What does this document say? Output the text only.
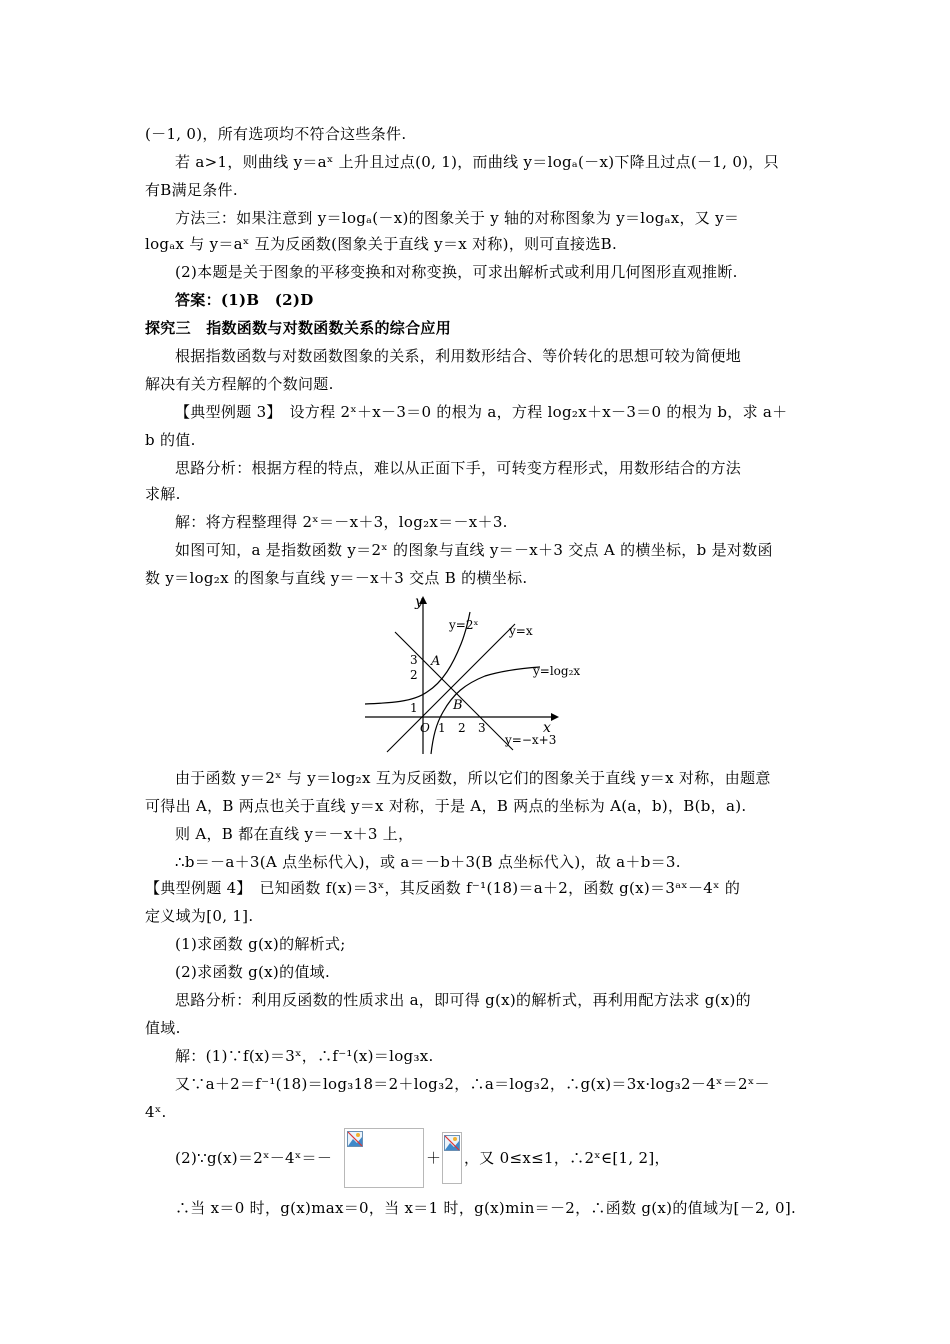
(－1, 0)，所有选项均不符合这些条件.
若 a>1，则曲线 y＝aˣ 上升且过点(0, 1)，而曲线 y＝logₐ(－x)下降且过点(－1, 0)，只
有B满足条件.
方法三：如果注意到 y＝logₐ(－x)的图象关于 y 轴的对称图象为 y＝logₐx，又 y＝
logₐx 与 y＝aˣ 互为反函数(图象关于直线 y＝x 对称)，则可直接选B.
(2)本题是关于图象的平移变换和对称变换，可求出解析式或利用几何图形直观推断.
答案：(1)B　(2)D
探究三　指数函数与对数函数关系的综合应用
根据指数函数与对数函数图象的关系，利用数形结合、等价转化的思想可较为简便地
解决有关方程解的个数问题.
【典型例题 3】　设方程 2ˣ＋x－3＝0 的根为 a，方程 log₂x＋x－3＝0 的根为 b，求 a＋
b 的值.
思路分析：根据方程的特点，难以从正面下手，可转变方程形式，用数形结合的方法
求解.
解：将方程整理得 2ˣ＝－x＋3，log₂x＝－x＋3.
如图可知，a 是指数函数 y＝2ˣ 的图象与直线 y＝－x＋3 交点 A 的横坐标，b 是对数函
数 y＝log₂x 的图象与直线 y＝－x＋3 交点 B 的横坐标.
y
x
y=2ˣ	y=x
y=log₂x
y=−x+3
A
B
O 1 2 3
1
2
3
由于函数 y＝2ˣ 与 y＝log₂x 互为反函数，所以它们的图象关于直线 y＝x 对称，由题意
可得出 A，B 两点也关于直线 y＝x 对称，于是 A，B 两点的坐标为 A(a，b)，B(b，a).
则 A，B 都在直线 y＝－x＋3 上，
∴b＝－a＋3(A 点坐标代入)，或 a＝－b＋3(B 点坐标代入)，故 a＋b＝3.
【典型例题 4】　已知函数 f(x)＝3ˣ，其反函数 f⁻¹(18)＝a＋2，函数 g(x)＝3ᵃˣ－4ˣ 的
定义域为[0, 1].
(1)求函数 g(x)的解析式;
(2)求函数 g(x)的值域.
思路分析：利用反函数的性质求出 a，即可得 g(x)的解析式，再利用配方法求 g(x)的
值域.
解：(1)∵f(x)＝3ˣ，∴f⁻¹(x)＝log₃x.
又∵a＋2＝f⁻¹(18)＝log₃18＝2＋log₃2，∴a＝log₃2，∴g(x)＝3x·log₃2－4ˣ＝2ˣ－
4ˣ.
(2)∵g(x)＝2ˣ－4ˣ＝－	＋	，又 0≤x≤1，∴2ˣ∈[1, 2]，
∴当 x＝0 时，g(x)max＝0，当 x＝1 时，g(x)min＝－2，∴函数 g(x)的值域为[－2, 0].
